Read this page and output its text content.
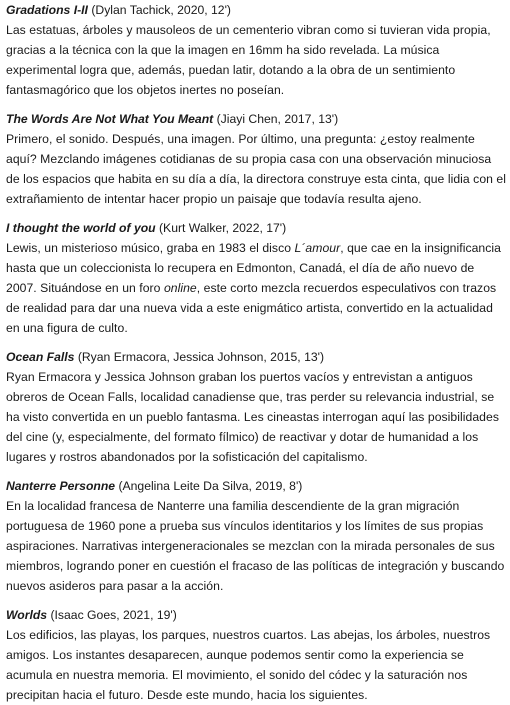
Gradations I-II (Dylan Tachick, 2020, 12')

Las estatuas, árboles y mausoleos de un cementerio vibran como si tuvieran vida propia, gracias a la técnica con la que la imagen en 16mm ha sido revelada. La música experimental logra que, además, puedan latir, dotando a la obra de un sentimiento fantasmagórico que los objetos inertes no poseían.

The Words Are Not What You Meant (Jiayi Chen, 2017, 13')

Primero, el sonido. Después, una imagen. Por último, una pregunta: ¿estoy realmente aquí? Mezclando imágenes cotidianas de su propia casa con una observación minuciosa de los espacios que habita en su día a día, la directora construye esta cinta, que lidia con el extrañamiento de intentar hacer propio un paisaje que todavía resulta ajeno.

I thought the world of you (Kurt Walker, 2022, 17')

Lewis, un misterioso músico, graba en 1983 el disco L´amour, que cae en la insignificancia hasta que un coleccionista lo recupera en Edmonton, Canadá, el día de año nuevo de 2007. Situándose en un foro online, este corto mezcla recuerdos especulativos con trazos de realidad para dar una nueva vida a este enigmático artista, convertido en la actualidad en una figura de culto.

Ocean Falls (Ryan Ermacora, Jessica Johnson, 2015, 13')

Ryan Ermacora y Jessica Johnson graban los puertos vacíos y entrevistan a antiguos obreros de Ocean Falls, localidad canadiense que, tras perder su relevancia industrial, se ha visto convertida en un pueblo fantasma. Les cineastas interrogan aquí las posibilidades del cine (y, especialmente, del formato fílmico) de reactivar y dotar de humanidad a los lugares y rostros abandonados por la sofisticación del capitalismo.

Nanterre Personne (Angelina Leite Da Silva, 2019, 8')

En la localidad francesa de Nanterre una familia descendiente de la gran migración portuguesa de 1960 pone a prueba sus vínculos identitarios y los límites de sus propias aspiraciones. Narrativas intergeneracionales se mezclan con la mirada personales de sus miembros, logrando poner en cuestión el fracaso de las políticas de integración y buscando nuevos asideros para pasar a la acción.

Worlds (Isaac Goes, 2021, 19')

Los edificios, las playas, los parques, nuestros cuartos. Las abejas, los árboles, nuestros amigos. Los instantes desaparecen, aunque podemos sentir como la experiencia se acumula en nuestra memoria. El movimiento, el sonido del códec y la saturación nos precipitan hacia el futuro. Desde este mundo, hacia los siguientes.
